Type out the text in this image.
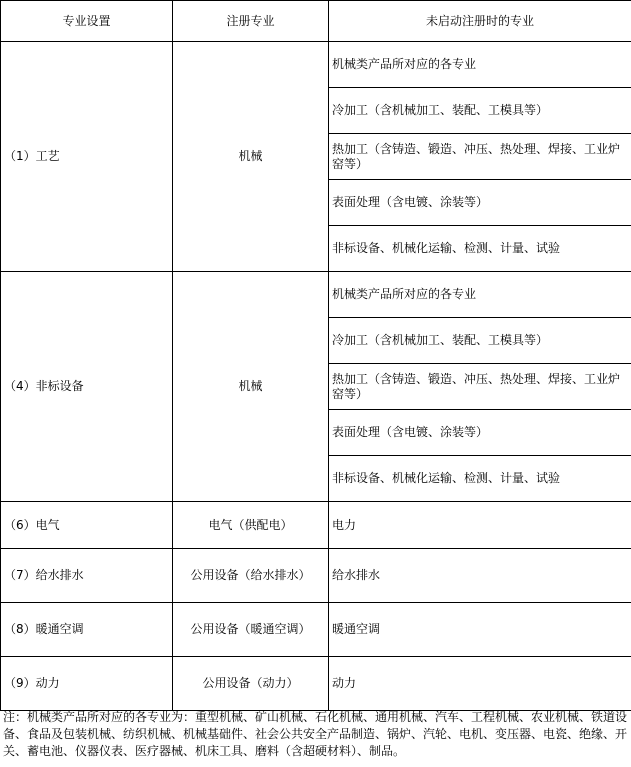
专业设置	注册专业	未启动注册时的专业
（1）工艺	机械	机械类产品所对应的各专业
		冷加工（含机械加工、装配、工模具等）
		热加工（含铸造、锻造、冲压、热处理、焊接、工业炉窑等）
		表面处理（含电镀、涂装等）
		非标设备、机械化运输、检测、计量、试验
（4）非标设备	机械	机械类产品所对应的各专业
		冷加工（含机械加工、装配、工模具等）
		热加工（含铸造、锻造、冲压、热处理、焊接、工业炉窑等）
		表面处理（含电镀、涂装等）
		非标设备、机械化运输、检测、计量、试验
（6）电气	电气（供配电）	电力
（7）给水排水	公用设备（给水排水）	给水排水
（8）暖通空调	公用设备（暖通空调）	暖通空调
（9）动力	公用设备（动力）	动力
注：机械类产品所对应的各专业为：重型机械、矿山机械、石化机械、通用机械、汽车、工程机械、农业机械、铁道设备、食品及包装机械、纺织机械、机械基础件、社会公共安全产品制造、锅炉、汽轮、电机、变压器、电瓷、绝缘、开关、蓄电池、仪器仪表、医疗器械、机床工具、磨料（含超硬材料）、制品。
